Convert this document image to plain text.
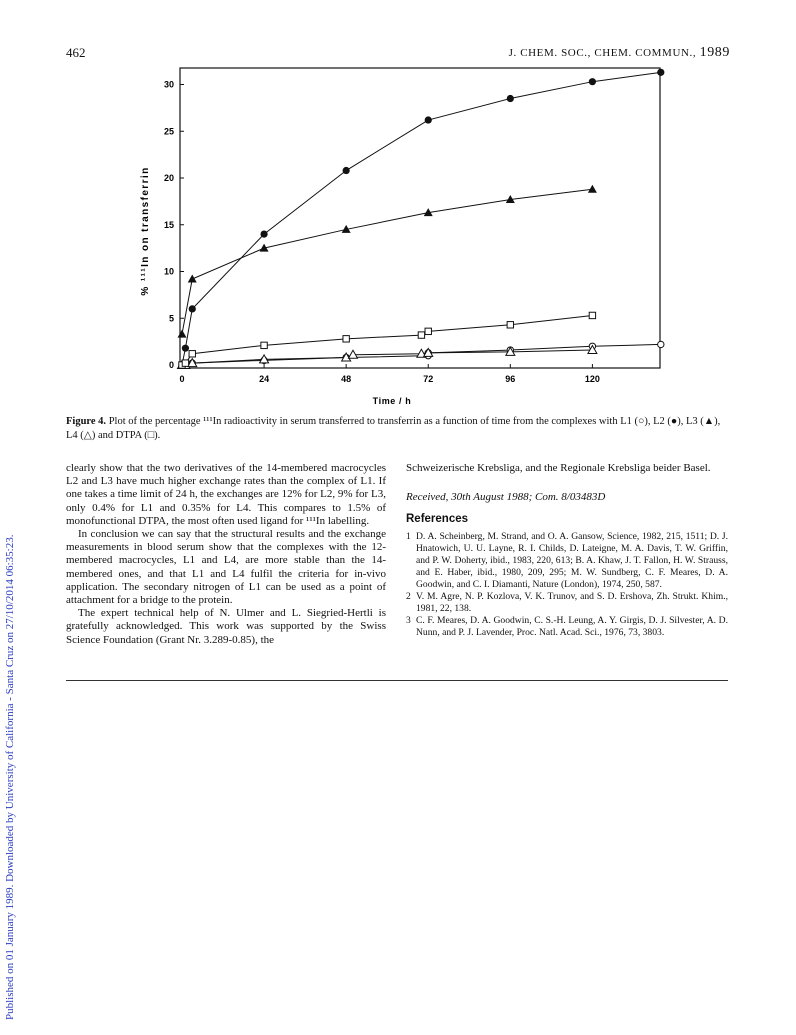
Published on 01 January 1989. Downloaded by University of California - Santa Cruz on 27/10/2014 06:35:23.
462	J. CHEM. SOC., CHEM. COMMUN., 1989
0	24	48	72	96	120
0
5
10
15
20
25
30
Time / h
% ¹¹¹In on transferrin
Figure 4. Plot of the percentage ¹¹¹In radioactivity in serum transferred to transferrin as a function of time from the complexes with L1 (○), L2 (●), L3 (▲), L4 (△) and DTPA (□).

clearly show that the two derivatives of the 14-membered macrocycles L2 and L3 have much higher exchange rates than the complex of L1. If one takes a time limit of 24 h, the exchanges are 12% for L2, 9% for L3, only 0.4% for L1 and 0.35% for L4. This compares to 1.5% of monofunctional DTPA, the most often used ligand for ¹¹¹In labelling.

In conclusion we can say that the structural results and the exchange measurements in blood serum show that the complexes with the 12-membered macrocycles, L1 and L4, are more stable than the 14-membered ones, and that L1 and L4 fulfil the criteria for in-vivo application. The secondary nitrogen of L1 can be used as a point of attachment for a bridge to the protein.

The expert technical help of N. Ulmer and L. Siegried-Hertli is gratefully acknowledged. This work was supported by the Swiss Science Foundation (Grant Nr. 3.289-0.85), the

Schweizerische Krebsliga, and the Regionale Krebsliga beider Basel.

Received, 30th August 1988; Com. 8/03483D

References

1 D. A. Scheinberg, M. Strand, and O. A. Gansow, Science, 1982, 215, 1511; D. J. Hnatowich, U. U. Layne, R. I. Childs, D. Lateigne, M. A. Davis, T. W. Griffin, and P. W. Doherty, ibid., 1983, 220, 613; B. A. Khaw, J. T. Fallon, H. W. Strauss, and E. Haber, ibid., 1980, 209, 295; M. W. Sundberg, C. F. Meares, D. A. Goodwin, and C. I. Diamanti, Nature (London), 1974, 250, 587.
2 V. M. Agre, N. P. Kozlova, V. K. Trunov, and S. D. Ershova, Zh. Strukt. Khim., 1981, 22, 138.
3 C. F. Meares, D. A. Goodwin, C. S.-H. Leung, A. Y. Girgis, D. J. Silvester, A. D. Nunn, and P. J. Lavender, Proc. Natl. Acad. Sci., 1976, 73, 3803.
